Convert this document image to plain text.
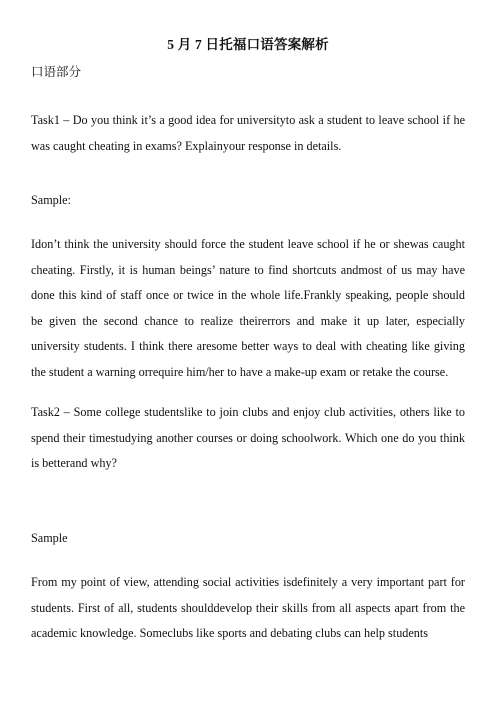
5 月 7 日托福口语答案解析
口语部分

Task1 – Do you think it’s a good idea for universityto ask a student to leave school if he was caught cheating in exams? Explainyour response in details.

Sample:

Idon’t think the university should force the student leave school if he or shewas caught cheating. Firstly, it is human beings’ nature to find shortcuts andmost of us may have done this kind of staff once or twice in the whole life.Frankly speaking, people should be given the second chance to realize theirerrors and make it up later, especially university students. I think there aresome better ways to deal with cheating like giving the student a warning orrequire him/her to have a make-up exam or retake the course.

Task2 – Some college studentslike to join clubs and enjoy club activities, others like to spend their timestudying another courses or doing schoolwork. Which one do you think is betterand why?

Sample

From my point of view, attending social activities isdefinitely a very important part for students. First of all, students shoulddevelop their skills from all aspects apart from the academic knowledge. Someclubs like sports and debating clubs can help students
